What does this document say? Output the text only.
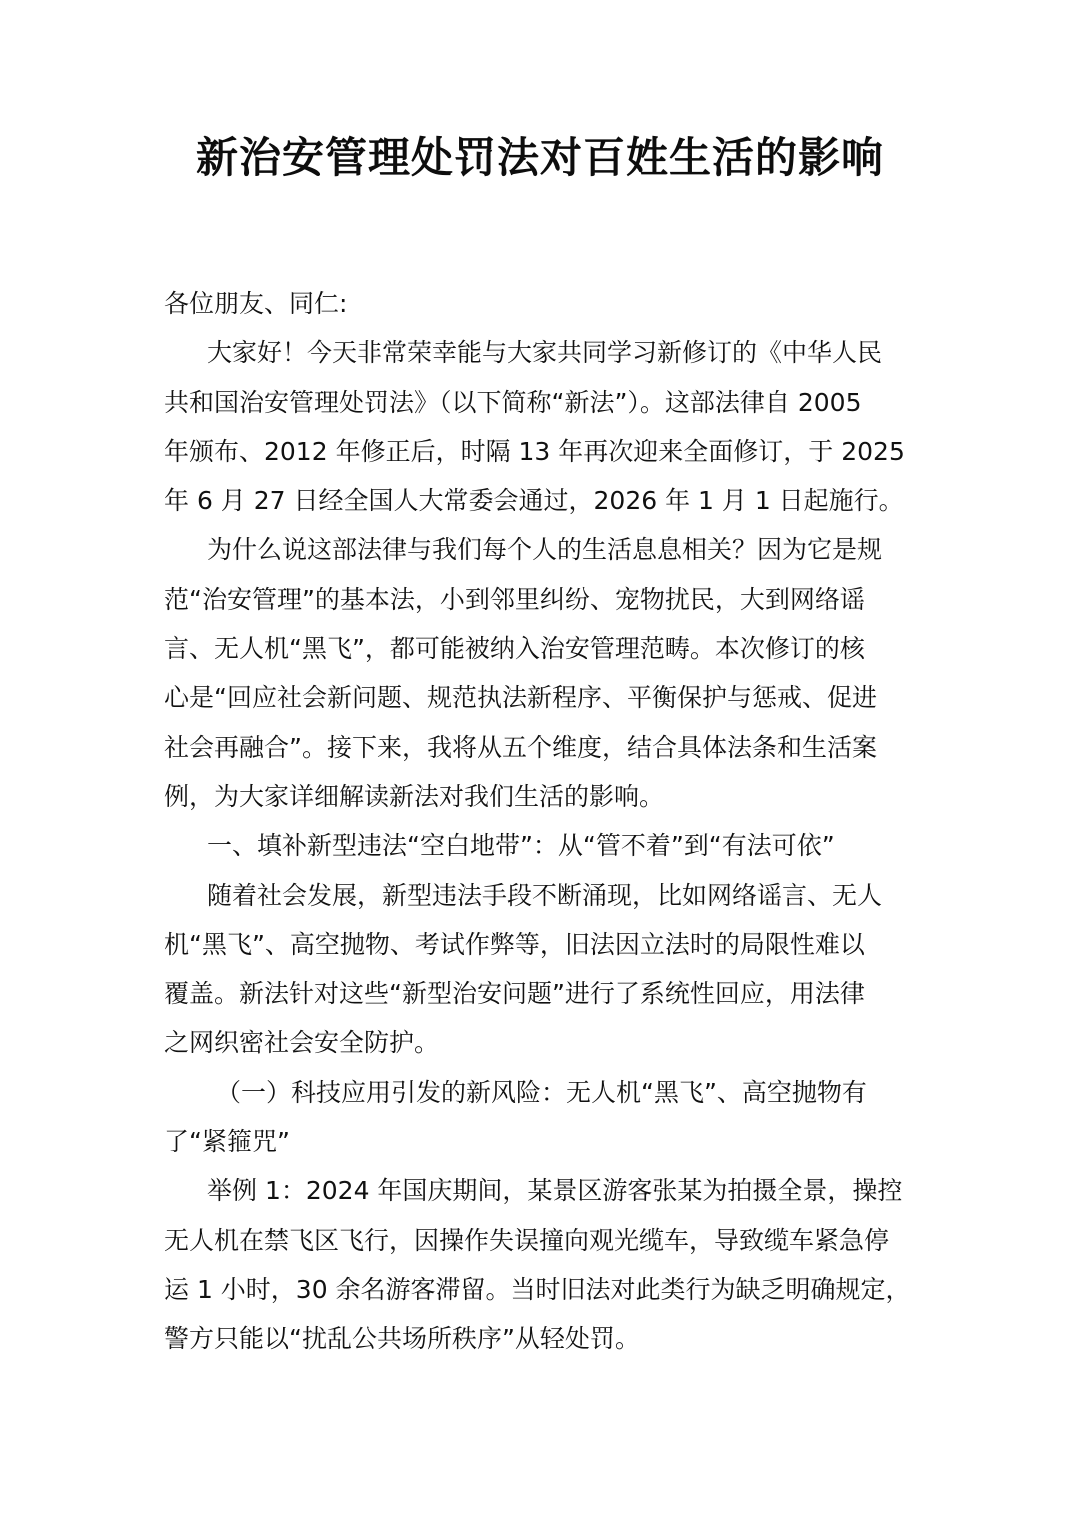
新治安管理处罚法对百姓生活的影响
各位朋友、同仁:
大家好！今天非常荣幸能与大家共同学习新修订的《中华人民
共和国治安管理处罚法》（以下简称“新法”）。这部法律自 2005
年颁布、2012 年修正后，时隔 13 年再次迎来全面修订，于 2025
年 6 月 27 日经全国人大常委会通过，2026 年 1 月 1 日起施行。
为什么说这部法律与我们每个人的生活息息相关？因为它是规
范“治安管理”的基本法，小到邻里纠纷、宠物扰民，大到网络谣
言、无人机“黑飞”，都可能被纳入治安管理范畴。本次修订的核
心是“回应社会新问题、规范执法新程序、平衡保护与惩戒、促进
社会再融合”。接下来，我将从五个维度，结合具体法条和生活案
例，为大家详细解读新法对我们生活的影响。
一、填补新型违法“空白地带”：从“管不着”到“有法可依”
随着社会发展，新型违法手段不断涌现，比如网络谣言、无人
机“黑飞”、高空抛物、考试作弊等，旧法因立法时的局限性难以
覆盖。新法针对这些“新型治安问题”进行了系统性回应，用法律
之网织密社会安全防护。
（一）科技应用引发的新风险：无人机“黑飞”、高空抛物有
了“紧箍咒”
举例 1：2024 年国庆期间，某景区游客张某为拍摄全景，操控
无人机在禁飞区飞行，因操作失误撞向观光缆车，导致缆车紧急停
运 1 小时，30 余名游客滞留。当时旧法对此类行为缺乏明确规定，
警方只能以“扰乱公共场所秩序”从轻处罚。
